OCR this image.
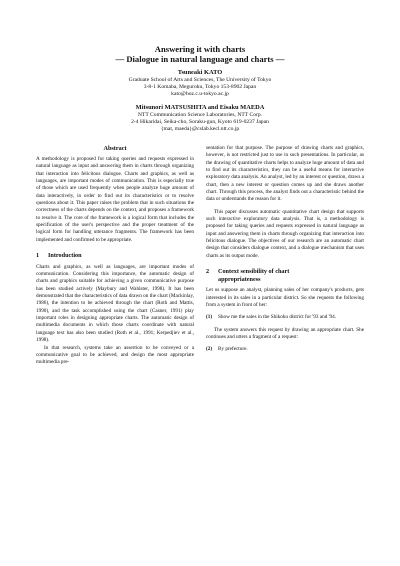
Answering it with charts
— Dialogue in natural language and charts —
Tsuneaki KATO
Graduate School of Arts and Sciences, The University of Tokyo
3-8-1 Komaba, Meguroku, Tokyo 153-8902 Japan
kato@boz.c.u-tokyo.ac.jp
Mitsunori MATSUSHITA and Eisaku MAEDA
NTT Communication Science Laboratories, NTT Corp.
2-4 Hikaridai, Seika-cho, Soraku-gun, Kyoto 619-0237 Japan
{mat, maeda}@cslab.kecl.ntt.co.jp
Abstract

A methodology is proposed for taking queries and requests expressed in natural language as input and answering them in charts through organizing that interaction into felicitous dialogue. Charts and graphics, as well as languages, are important modes of communication. This is especially true of those which are used frequently when people analyze huge amount of data interactively, in order to find out its characteristics or to resolve questions about it. This paper raises the problem that in such situations the correctness of the charts depends on the context, and proposes a framework to resolve it. The core of the framework is a logical form that includes the specification of the user's perspective and the proper treatment of the logical form for handling utterance fragments. The framework has been implemented and confirmed to be appropriate.

1	Introduction

Charts and graphics, as well as languages, are important modes of communication. Considering this importance, the automatic design of charts and graphics suitable for achieving a given communicative purpose has been studied actively (Maybury and Wahlster, 1998). It has been demonstrated that the characteristics of data drawn on the chart (Mackinlay, 1986), the intention to be achieved through the chart (Roth and Mattis, 1990), and the task accomplished using the chart (Casner, 1991) play important roles in designing appropriate charts. The automatic design of multimedia documents in which those charts coordinate with natural language text has also been studied (Roth et al., 1991; Kerpedjiev et al., 1998).

In that research, systems take an assertion to be conveyed or a communicative goal to be achieved, and design the most appropriate multimedia pre-

sentation for that purpose. The purpose of drawing charts and graphics, however, is not restricted just to use in such presentations. In particular, as the drawing of quantitative charts helps to analyze huge amount of data and to find out its characteristics, they can be a useful means for interactive exploratory data analysis. An analyst, led by an interest or question, draws a chart, then a new interest or question comes up and she draws another chart. Through this process, the analyst finds out a characteristic behind the data or understands the reason for it.

This paper discusses automatic quantitative chart design that supports such interactive exploratory data analysis. That is, a methodology is proposed for taking queries and requests expressed in natural language as input and answering them in charts through organizing that interaction into felicitous dialogue. The objectives of our research are an automatic chart design that considers dialogue context, and a dialogue mechanism that uses charts as its output mode.

2	Context sensibility of chart
appropriateness

Let us suppose an analyst, planning sales of her company's products, gets interested in its sales in a particular district. So she requests the following from a system in front of her:

(1)	Show me the sales in the Shikoku district for '93 and '94.

The system answers this request by drawing an appropriate chart. She continues and utters a fragment of a request:

(2)	By prefecture.
